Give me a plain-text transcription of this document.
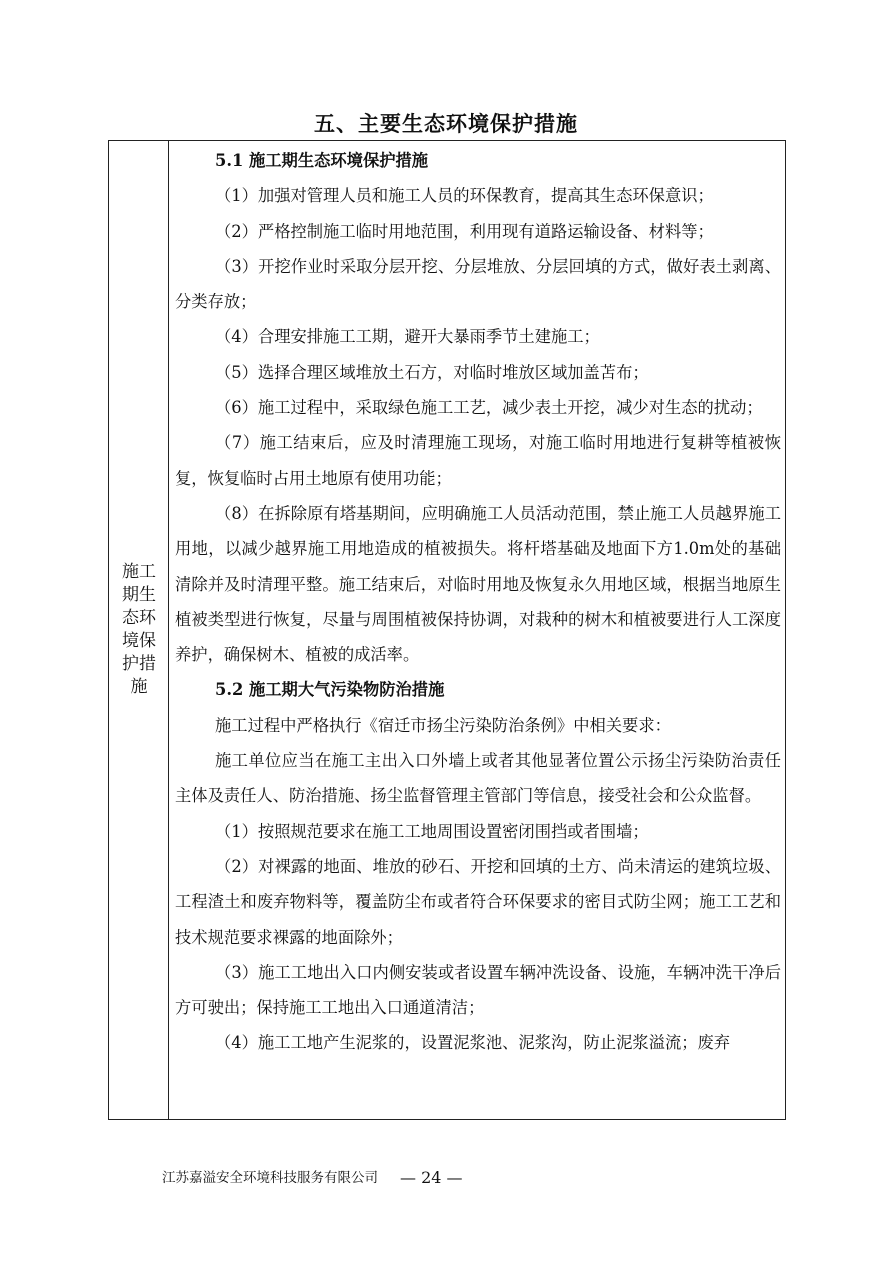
五、主要生态环境保护措施
施工期生态环境保护措施

5.1 施工期生态环境保护措施

（1）加强对管理人员和施工人员的环保教育，提高其生态环保意识；

（2）严格控制施工临时用地范围，利用现有道路运输设备、材料等；

（3）开挖作业时采取分层开挖、分层堆放、分层回填的方式，做好表土剥离、分类存放；

（4）合理安排施工工期，避开大暴雨季节土建施工；

（5）选择合理区域堆放土石方，对临时堆放区域加盖苫布；

（6）施工过程中，采取绿色施工工艺，减少表土开挖，减少对生态的扰动；

（7）施工结束后，应及时清理施工现场，对施工临时用地进行复耕等植被恢复，恢复临时占用土地原有使用功能；

（8）在拆除原有塔基期间，应明确施工人员活动范围，禁止施工人员越界施工用地，以减少越界施工用地造成的植被损失。将杆塔基础及地面下方1.0m处的基础清除并及时清理平整。施工结束后，对临时用地及恢复永久用地区域，根据当地原生植被类型进行恢复，尽量与周围植被保持协调，对栽种的树木和植被要进行人工深度养护，确保树木、植被的成活率。

5.2 施工期大气污染物防治措施

施工过程中严格执行《宿迁市扬尘污染防治条例》中相关要求：

施工单位应当在施工主出入口外墙上或者其他显著位置公示扬尘污染防治责任主体及责任人、防治措施、扬尘监督管理主管部门等信息，接受社会和公众监督。

（1）按照规范要求在施工工地周围设置密闭围挡或者围墙；

（2）对裸露的地面、堆放的砂石、开挖和回填的土方、尚未清运的建筑垃圾、工程渣土和废弃物料等，覆盖防尘布或者符合环保要求的密目式防尘网；施工工艺和技术规范要求裸露的地面除外；

（3）施工工地出入口内侧安装或者设置车辆冲洗设备、设施，车辆冲洗干净后方可驶出；保持施工工地出入口通道清洁；

（4）施工工地产生泥浆的，设置泥浆池、泥浆沟，防止泥浆溢流；废弃

江苏嘉溢安全环境科技服务有限公司 — 24 —
